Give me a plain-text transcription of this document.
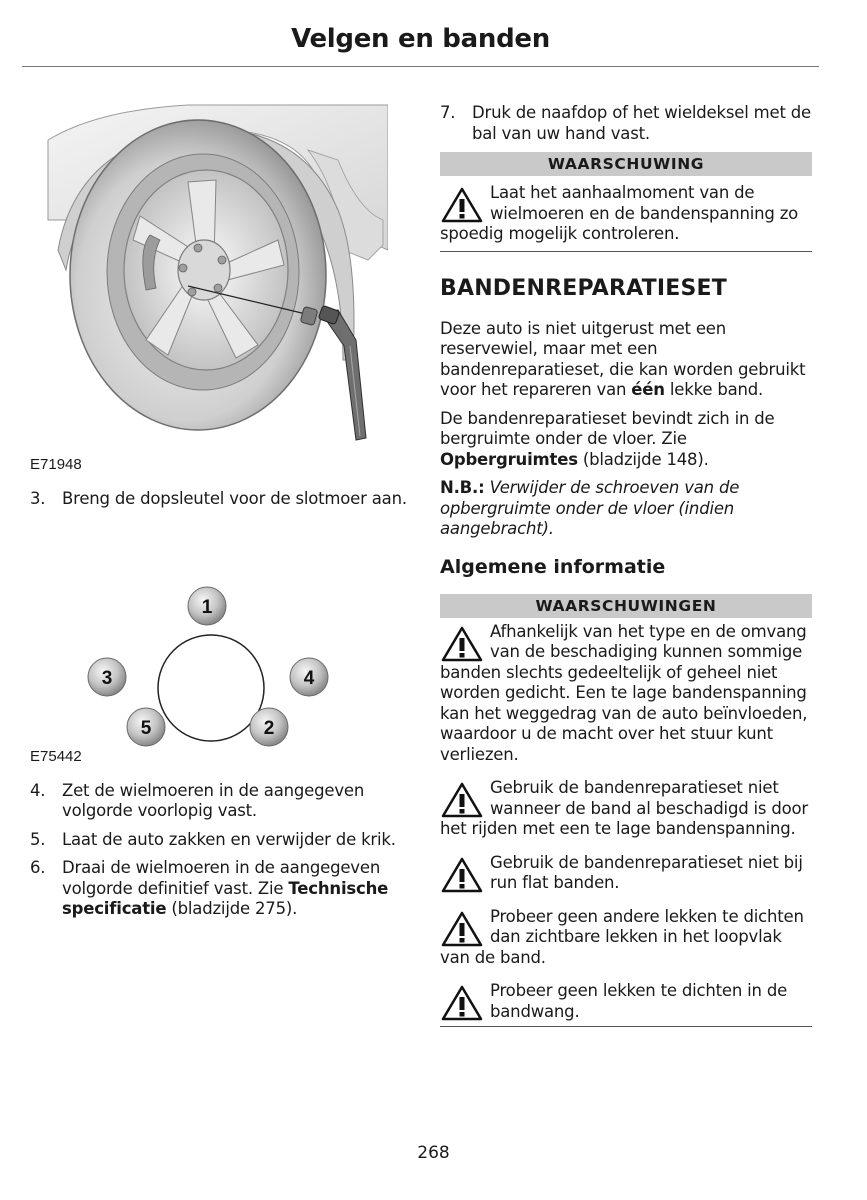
Velgen en banden
E71948
3. Breng de dopsleutel voor de slotmoer aan.
1
4
3
5	2
E75442
4. Zet de wielmoeren in de aangegeven volgorde voorlopig vast.
5. Laat de auto zakken en verwijder de krik.
6. Draai de wielmoeren in de aangegeven volgorde definitief vast. Zie Technische specificatie (bladzijde 275).
7. Druk de naafdop of het wieldeksel met de bal van uw hand vast.
WAARSCHUWING
Laat het aanhaalmoment van de wielmoeren en de bandenspanning zo spoedig mogelijk controleren.
BANDENREPARATIESET
Deze auto is niet uitgerust met een reservewiel, maar met een bandenreparatieset, die kan worden gebruikt voor het repareren van één lekke band.
De bandenreparatieset bevindt zich in de bergruimte onder de vloer. Zie Opbergruimtes (bladzijde 148).
N.B.: Verwijder de schroeven van de opbergruimte onder de vloer (indien aangebracht).
Algemene informatie
WAARSCHUWINGEN
Afhankelijk van het type en de omvang van de beschadiging kunnen sommige banden slechts gedeeltelijk of geheel niet worden gedicht. Een te lage bandenspanning kan het weggedrag van de auto beïnvloeden, waardoor u de macht over het stuur kunt verliezen.
Gebruik de bandenreparatieset niet wanneer de band al beschadigd is door het rijden met een te lage bandenspanning.
Gebruik de bandenreparatieset niet bij run flat banden.
Probeer geen andere lekken te dichten dan zichtbare lekken in het loopvlak van de band.
Probeer geen lekken te dichten in de bandwang.
268
